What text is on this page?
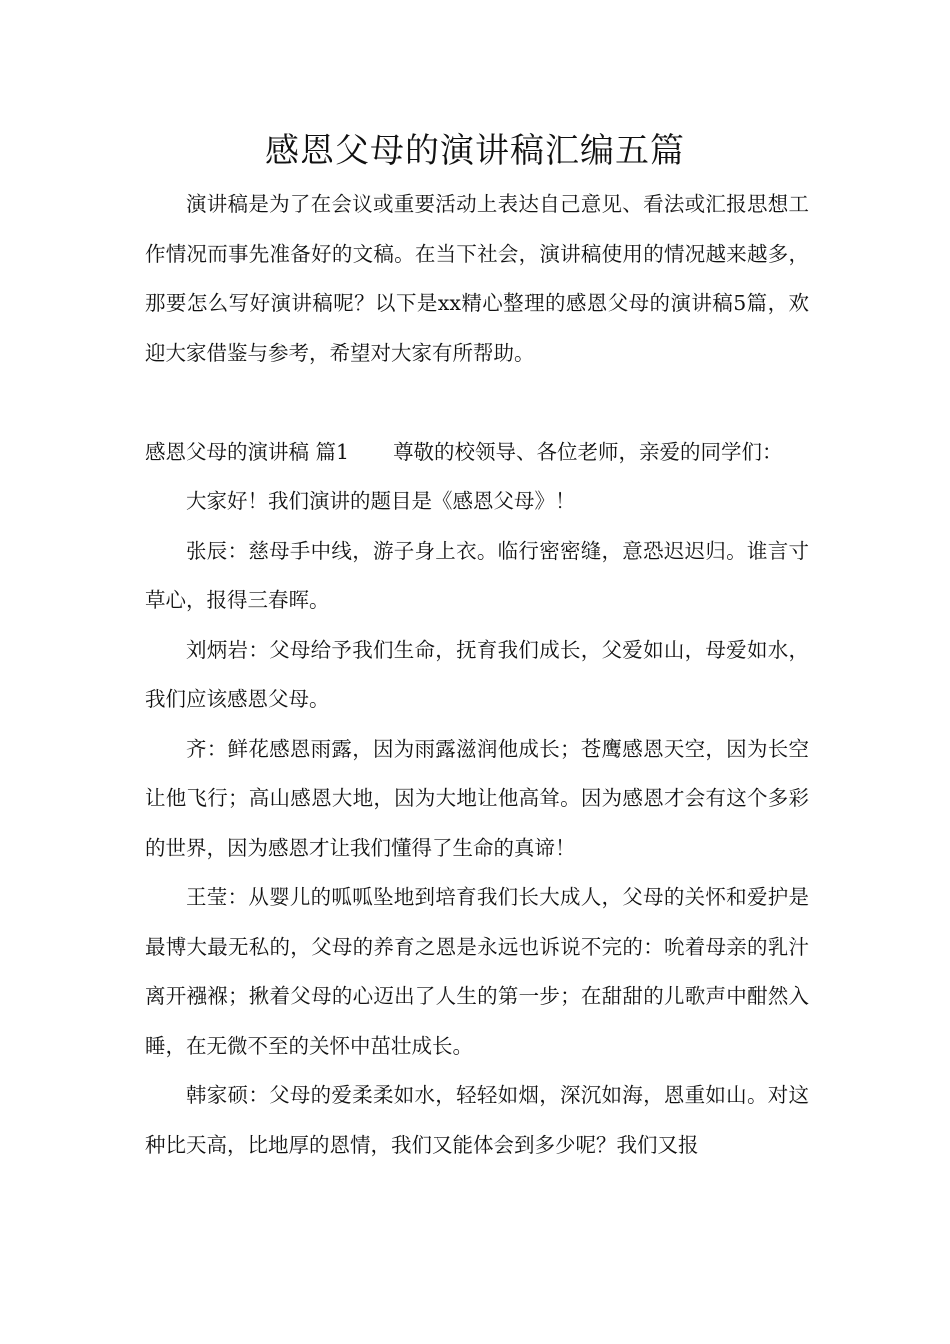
感恩父母的演讲稿汇编五篇

演讲稿是为了在会议或重要活动上表达自己意见、看法或汇报思想工作情况而事先准备好的文稿。在当下社会，演讲稿使用的情况越来越多，那要怎么写好演讲稿呢？以下是xx精心整理的感恩父母的演讲稿5篇，欢迎大家借鉴与参考，希望对大家有所帮助。

感恩父母的演讲稿 篇1 尊敬的校领导、各位老师，亲爱的同学们：

大家好！我们演讲的题目是《感恩父母》！

张辰：慈母手中线，游子身上衣。临行密密缝，意恐迟迟归。谁言寸草心，报得三春晖。

刘炳岩：父母给予我们生命，抚育我们成长，父爱如山，母爱如水，我们应该感恩父母。

齐：鲜花感恩雨露，因为雨露滋润他成长；苍鹰感恩天空，因为长空让他飞行；高山感恩大地，因为大地让他高耸。因为感恩才会有这个多彩的世界，因为感恩才让我们懂得了生命的真谛！

王莹：从婴儿的呱呱坠地到培育我们长大成人，父母的关怀和爱护是最博大最无私的，父母的养育之恩是永远也诉说不完的：吮着母亲的乳汁离开襁褓；揪着父母的心迈出了人生的第一步；在甜甜的儿歌声中酣然入睡，在无微不至的关怀中茁壮成长。

韩家硕：父母的爱柔柔如水，轻轻如烟，深沉如海，恩重如山。对这种比天高，比地厚的恩情，我们又能体会到多少呢？我们又报
